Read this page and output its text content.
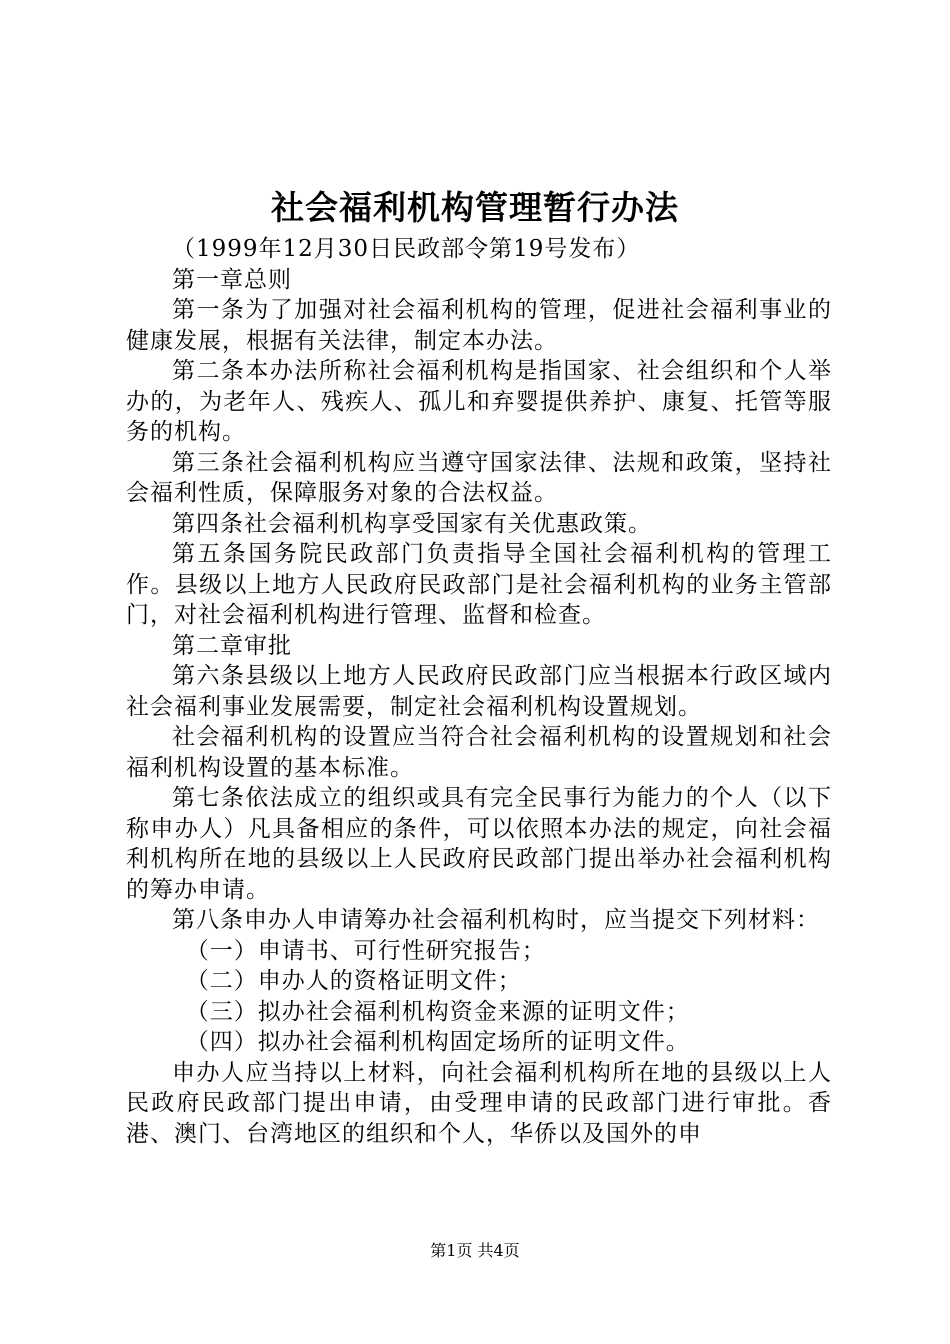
社会福利机构管理暂行办法

（1999年12月30日民政部令第19号发布）

第一章总则

第一条为了加强对社会福利机构的管理，促进社会福利事业的健康发展，根据有关法律，制定本办法。

第二条本办法所称社会福利机构是指国家、社会组织和个人举办的，为老年人、残疾人、孤儿和弃婴提供养护、康复、托管等服务的机构。

第三条社会福利机构应当遵守国家法律、法规和政策，坚持社会福利性质，保障服务对象的合法权益。

第四条社会福利机构享受国家有关优惠政策。

第五条国务院民政部门负责指导全国社会福利机构的管理工作。县级以上地方人民政府民政部门是社会福利机构的业务主管部门，对社会福利机构进行管理、监督和检查。

第二章审批

第六条县级以上地方人民政府民政部门应当根据本行政区域内社会福利事业发展需要，制定社会福利机构设置规划。

社会福利机构的设置应当符合社会福利机构的设置规划和社会福利机构设置的基本标准。

第七条依法成立的组织或具有完全民事行为能力的个人（以下称申办人）凡具备相应的条件，可以依照本办法的规定，向社会福利机构所在地的县级以上人民政府民政部门提出举办社会福利机构的筹办申请。

第八条申办人申请筹办社会福利机构时，应当提交下列材料：

（一）申请书、可行性研究报告；

（二）申办人的资格证明文件；

（三）拟办社会福利机构资金来源的证明文件；

（四）拟办社会福利机构固定场所的证明文件。

申办人应当持以上材料，向社会福利机构所在地的县级以上人民政府民政部门提出申请，由受理申请的民政部门进行审批。香港、澳门、台湾地区的组织和个人，华侨以及国外的申

第1页 共4页
